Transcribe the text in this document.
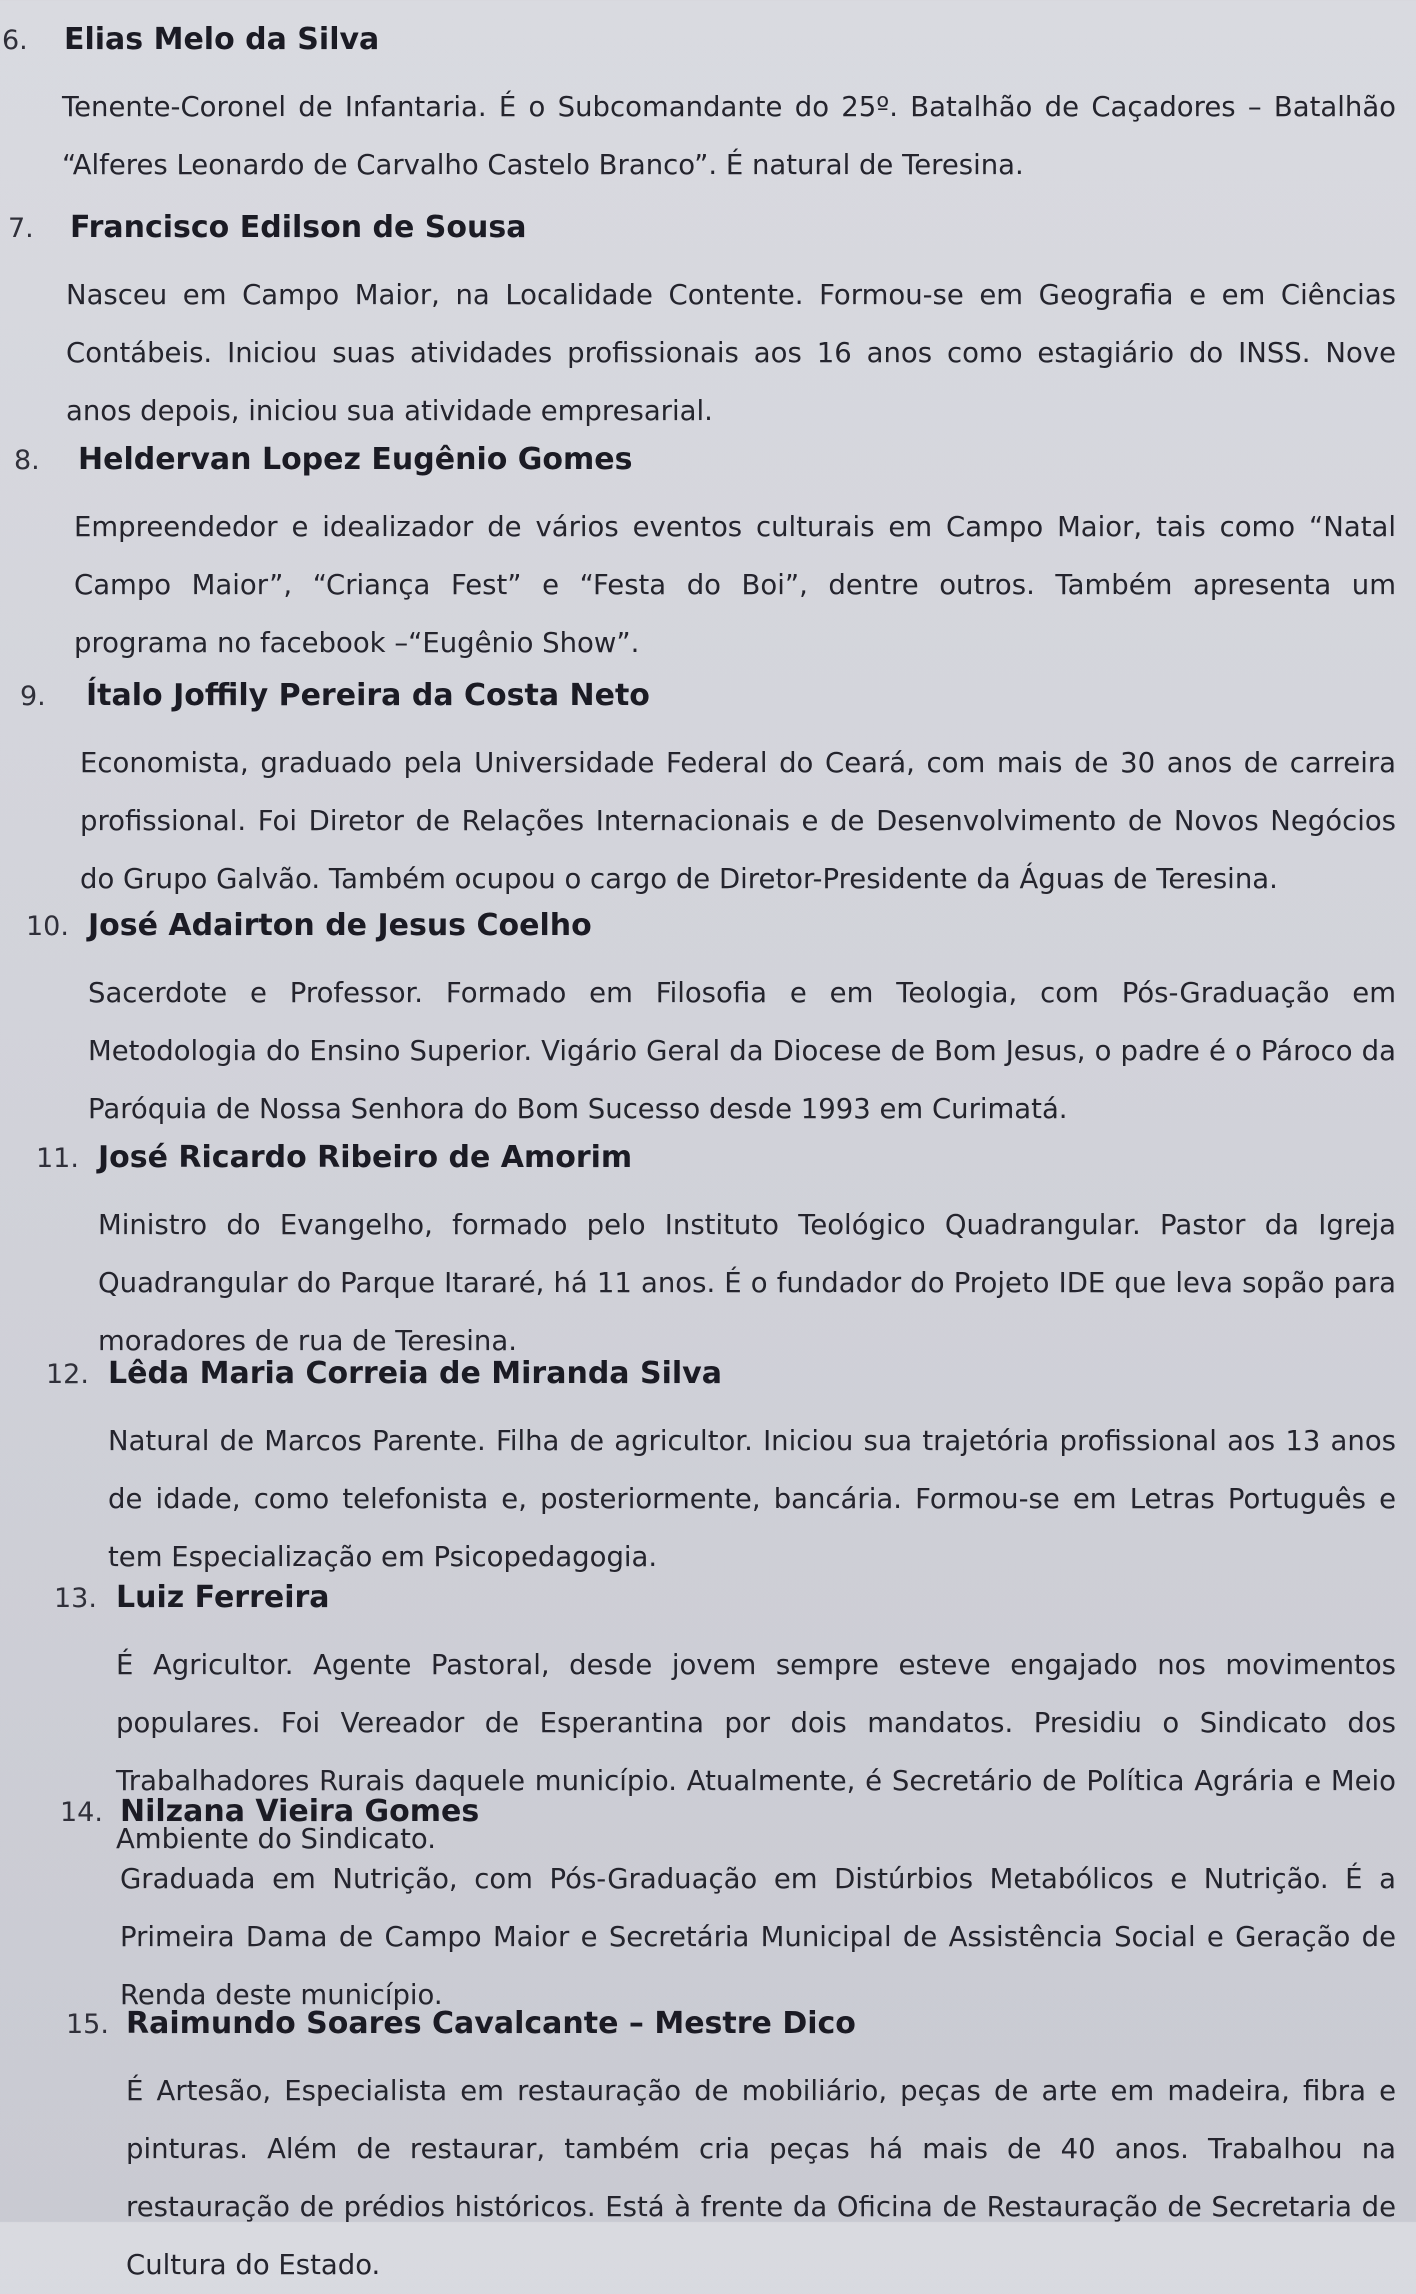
6.	Elias Melo da Silva

Tenente-Coronel de Infantaria. É o Subcomandante do 25º. Batalhão de Caçadores – Batalhão “Alferes Leonardo de Carvalho Castelo Branco”. É natural de Teresina.

7.	Francisco Edilson de Sousa

Nasceu em Campo Maior, na Localidade Contente. Formou-se em Geografia e em Ciências Contábeis. Iniciou suas atividades profissionais aos 16 anos como estagiário do INSS. Nove anos depois, iniciou sua atividade empresarial.

8.	Heldervan Lopez Eugênio Gomes

Empreendedor e idealizador de vários eventos culturais em Campo Maior, tais como “Natal Campo Maior”, “Criança Fest” e “Festa do Boi”, dentre outros. Também apresenta um programa no facebook –“Eugênio Show”.

9.	Ítalo Joffily Pereira da Costa Neto

Economista, graduado pela Universidade Federal do Ceará, com mais de 30 anos de carreira profissional. Foi Diretor de Relações Internacionais e de Desenvolvimento de Novos Negócios do Grupo Galvão. Também ocupou o cargo de Diretor-Presidente da Águas de Teresina.

10. José Adairton de Jesus Coelho

Sacerdote e Professor. Formado em Filosofia e em Teologia, com Pós-Graduação em Metodologia do Ensino Superior. Vigário Geral da Diocese de Bom Jesus, o padre é o Pároco da Paróquia de Nossa Senhora do Bom Sucesso desde 1993 em Curimatá.

11. José Ricardo Ribeiro de Amorim

Ministro do Evangelho, formado pelo Instituto Teológico Quadrangular. Pastor da Igreja Quadrangular do Parque Itararé, há 11 anos. É o fundador do Projeto IDE que leva sopão para moradores de rua de Teresina.

12. Lêda Maria Correia de Miranda Silva

Natural de Marcos Parente. Filha de agricultor. Iniciou sua trajetória profissional aos 13 anos de idade, como telefonista e, posteriormente, bancária. Formou-se em Letras Português e tem Especialização em Psicopedagogia.

13. Luiz Ferreira

É Agricultor. Agente Pastoral, desde jovem sempre esteve engajado nos movimentos populares. Foi Vereador de Esperantina por dois mandatos. Presidiu o Sindicato dos Trabalhadores Rurais daquele município. Atualmente, é Secretário de Política Agrária e Meio Ambiente do Sindicato.

14. Nilzana Vieira Gomes

Graduada em Nutrição, com Pós-Graduação em Distúrbios Metabólicos e Nutrição. É a Primeira Dama de Campo Maior e Secretária Municipal de Assistência Social e Geração de Renda deste município.

15. Raimundo Soares Cavalcante – Mestre Dico

É Artesão, Especialista em restauração de mobiliário, peças de arte em madeira, fibra e pinturas. Além de restaurar, também cria peças há mais de 40 anos. Trabalhou na restauração de prédios históricos. Está à frente da Oficina de Restauração de Secretaria de Cultura do Estado.
